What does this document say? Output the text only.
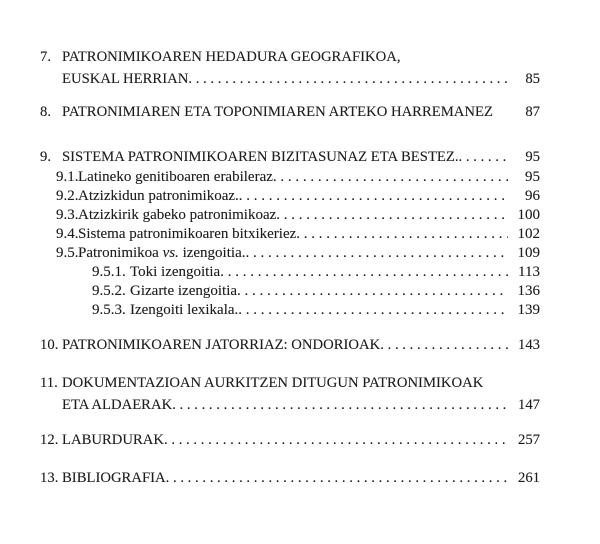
7. PATRONIMIKOAREN HEDADURA GEOGRAFIKOA,
EUSKAL HERRIAN . . .	85
8. PATRONIMIAREN ETA TOPONIMIAREN ARTEKO HARREMANEZ	87
9. SISTEMA PATRONIMIKOAREN BIZITASUNAZ ETA BESTEZ. . . .	95
9.1. Latineko genitiboaren erabileraz . . .	95
9.2. Atzizkidun patronimikoaz. . . .	96
9.3. Atzizkirik gabeko patronimikoaz . . .	100
9.4. Sistema patronimikoaren bitxikeriez . . .	102
9.5. Patronimikoa vs. izengoitia. . . .	109
9.5.1. Toki izengoitia . . .	113
9.5.2. Gizarte izengoitia . . .	136
9.5.3. Izengoiti lexikala. . . .	139
10. PATRONIMIKOAREN JATORRIAZ: ONDORIOAK . . .	143
11. DOKUMENTAZIOAN AURKITZEN DITUGUN PATRONIMIKOAK
ETA ALDAERAK . . .	147
12. LABURDURAK . . .	257
13. BIBLIOGRAFIA . . .	261
